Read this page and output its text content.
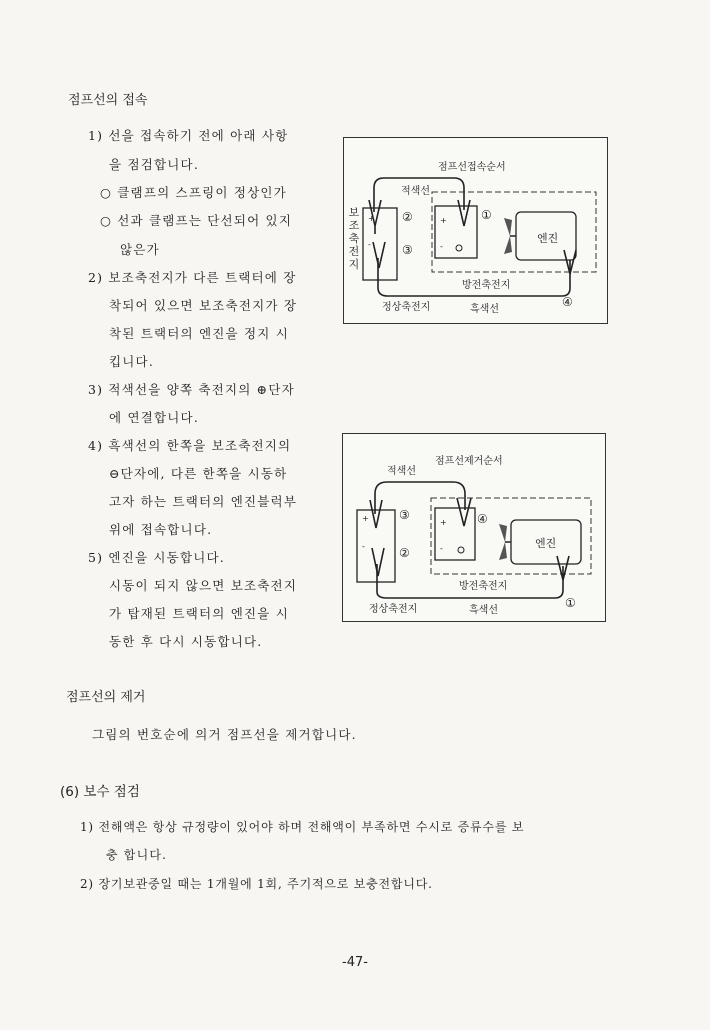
점프선의 접속
1) 선을 접속하기 전에 아래 사항
을 점검합니다.
○ 클램프의 스프링이 정상인가
○ 선과 클램프는 단선되어 있지
않은가
2) 보조축전지가 다른 트랙터에 장
착되어 있으면 보조축전지가 장
착된 트랙터의 엔진을 정지 시
킵니다.
3) 적색선을 양쪽 축전지의 ⊕단자
에 연결합니다.
4) 흑색선의 한쪽을 보조축전지의
⊖단자에, 다른 한쪽을 시동하
고자 하는 트랙터의 엔진블럭부
위에 접속합니다.
5) 엔진을 시동합니다.
시동이 되지 않으면 보조축전지
가 탑재된 트랙터의 엔진을 시
동한 후 다시 시동합니다.
점프선접속순서
적색선
보조축전지
+
-
+
-
②
③
①
엔진
방전축전지
정상축전지	흑색선
④
점프선제거순서
적색선
+
-
+
-
③
②
④
엔진
방전축전지
정상축전지	흑색선
①
점프선의 제거
그림의 번호순에 의거 점프선을 제거합니다.
(6) 보수 점검
1) 전해액은 항상 규정량이 있어야 하며 전해액이 부족하면 수시로 증류수를 보
충 합니다.
2) 장기보관중일 때는 1개월에 1회, 주기적으로 보충전합니다.
-47-
